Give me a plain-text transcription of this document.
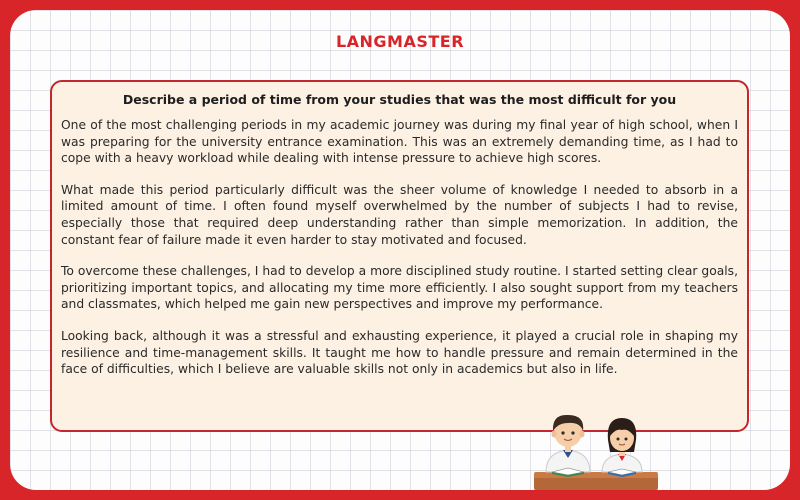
LANGMASTER
Describe a period of time from your studies that was the most difficult for you

One of the most challenging periods in my academic journey was during my final year of high school, when I was preparing for the university entrance examination. This was an extremely demanding time, as I had to cope with a heavy workload while dealing with intense pressure to achieve high scores.

What made this period particularly difficult was the sheer volume of knowledge I needed to absorb in a limited amount of time. I often found myself overwhelmed by the number of subjects I had to revise, especially those that required deep understanding rather than simple memorization. In addition, the constant fear of failure made it even harder to stay motivated and focused.

To overcome these challenges, I had to develop a more disciplined study routine. I started setting clear goals, prioritizing important topics, and allocating my time more efficiently. I also sought support from my teachers and classmates, which helped me gain new perspectives and improve my performance.

Looking back, although it was a stressful and exhausting experience, it played a crucial role in shaping my resilience and time-management skills. It taught me how to handle pressure and remain determined in the face of difficulties, which I believe are valuable skills not only in academics but also in life.
